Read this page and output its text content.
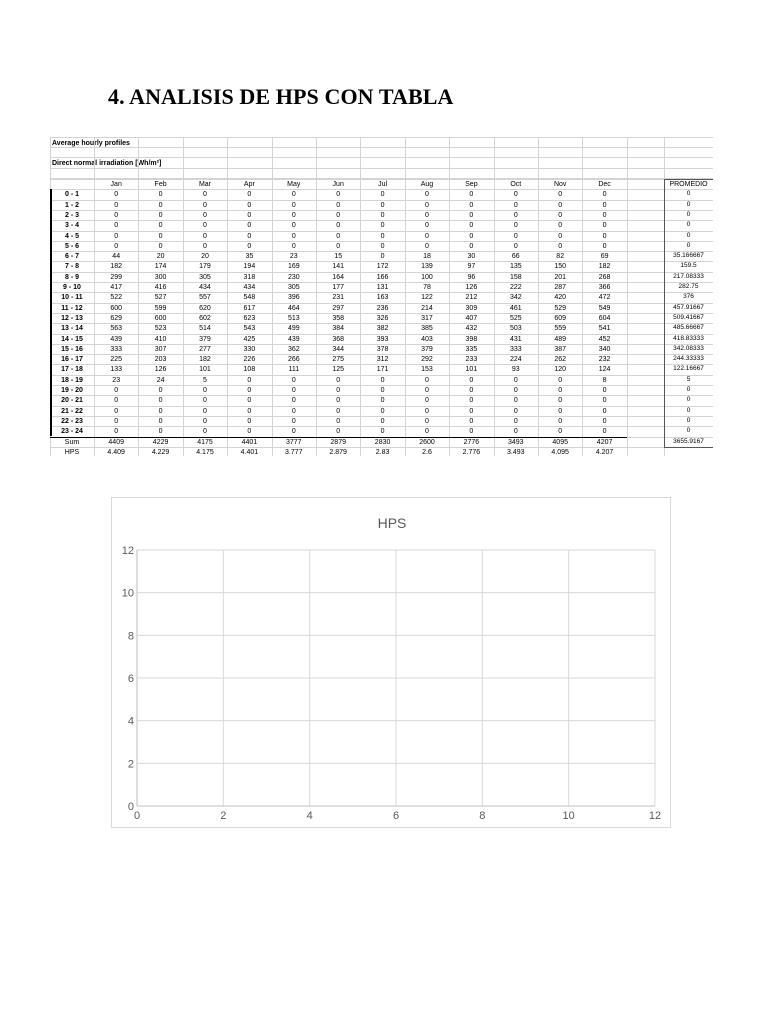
4. ANALISIS DE HPS CON TABLA
Average hourly profiles
Direct normal irradiation [Wh/m²]
Jan	Feb	Mar	Apr	May	Jun	Jul	Aug	Sep	Oct	Nov	Dec	PROMEDIO
0 - 1	0	0	0	0	0	0	0	0	0	0	0	0	0
1 - 2	0	0	0	0	0	0	0	0	0	0	0	0	0
2 - 3	0	0	0	0	0	0	0	0	0	0	0	0	0
3 - 4	0	0	0	0	0	0	0	0	0	0	0	0	0
4 - 5	0	0	0	0	0	0	0	0	0	0	0	0	0
5 - 6	0	0	0	0	0	0	0	0	0	0	0	0	0
6 - 7	44	20	20	35	23	15	0	18	30	66	82	69	35.166667
7 - 8	182	174	179	194	169	141	172	139	97	135	150	182	159.5
8 - 9	299	300	305	318	230	164	166	100	96	158	201	268	217.08333
9 - 10	417	416	434	434	305	177	131	78	126	222	287	366	282.75
10 - 11	522	527	557	548	396	231	163	122	212	342	420	472	376
11 - 12	600	599	620	617	464	297	236	214	309	461	529	549	457.91667
12 - 13	629	600	602	623	513	358	326	317	407	525	609	604	509.41667
13 - 14	563	523	514	543	499	384	382	385	432	503	559	541	485.66667
14 - 15	439	410	379	425	439	368	393	403	398	431	489	452	418.83333
15 - 16	333	307	277	330	362	344	378	379	335	333	387	340	342.08333
16 - 17	225	203	182	226	266	275	312	292	233	224	262	232	244.33333
17 - 18	133	126	101	108	111	125	171	153	101	93	120	124	122.16667
18 - 19	23	24	5	0	0	0	0	0	0	0	0	8	5
19 - 20	0	0	0	0	0	0	0	0	0	0	0	0	0
20 - 21	0	0	0	0	0	0	0	0	0	0	0	0	0
21 - 22	0	0	0	0	0	0	0	0	0	0	0	0	0
22 - 23	0	0	0	0	0	0	0	0	0	0	0	0	0
23 - 24	0	0	0	0	0	0	0	0	0	0	0	0	0
Sum	4409	4229	4175	4401	3777	2879	2830	2600	2776	3493	4095	4207	3655.9167
HPS	4.409	4.229	4.175	4.401	3.777	2.879	2.83	2.6	2.776	3.493	4.095	4.207
HPS
0
2
4
6
8
10
12
0	2	4	6	8	10	12
